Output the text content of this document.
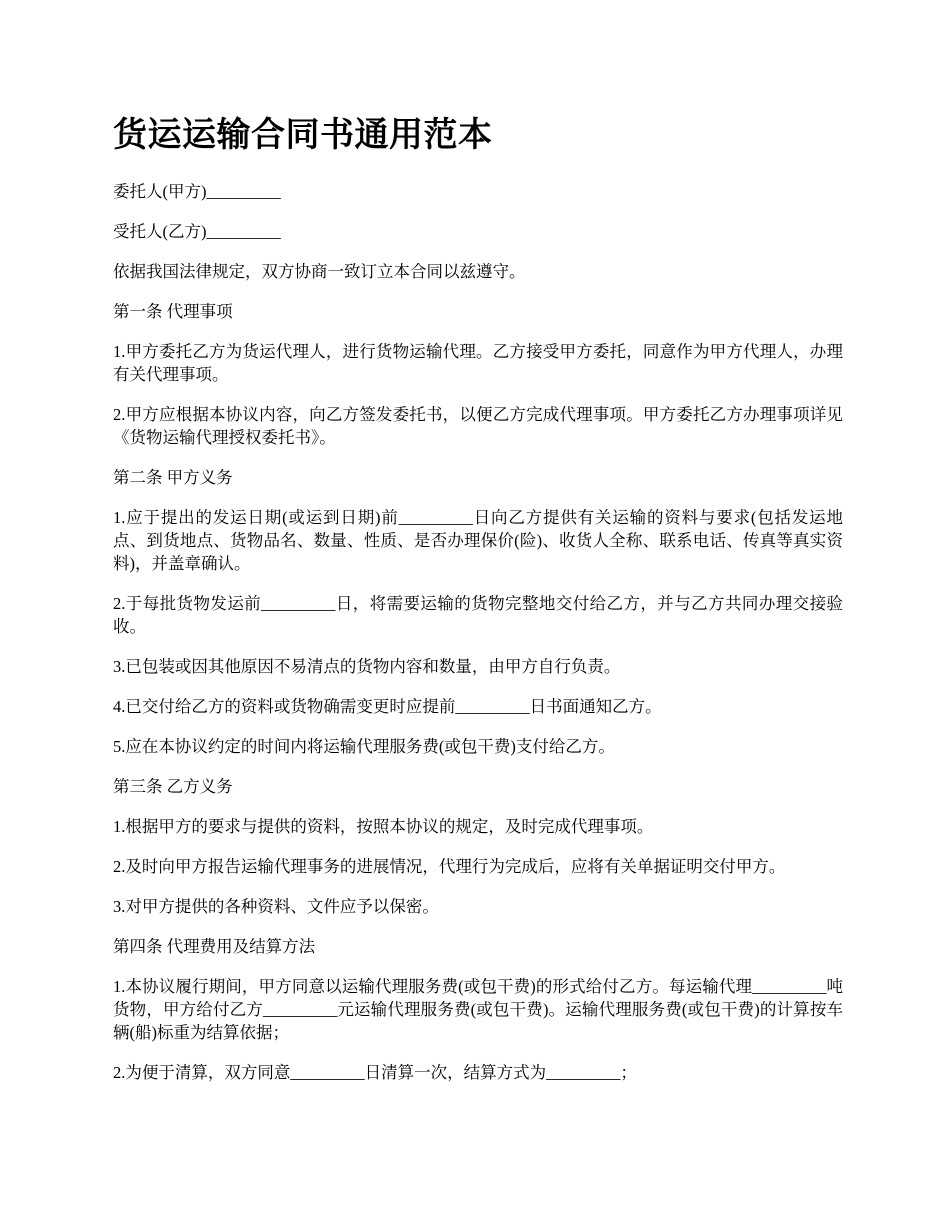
货运运输合同书通用范本

委托人(甲方)_________

受托人(乙方)_________

依据我国法律规定，双方协商一致订立本合同以兹遵守。

第一条 代理事项

1.甲方委托乙方为货运代理人，进行货物运输代理。乙方接受甲方委托，同意作为甲方代理人，办理有关代理事项。

2.甲方应根据本协议内容，向乙方签发委托书，以便乙方完成代理事项。甲方委托乙方办理事项详见《货物运输代理授权委托书》。

第二条 甲方义务

1.应于提出的发运日期(或运到日期)前_________日向乙方提供有关运输的资料与要求(包括发运地点、到货地点、货物品名、数量、性质、是否办理保价(险)、收货人全称、联系电话、传真等真实资料)，并盖章确认。

2.于每批货物发运前_________日，将需要运输的货物完整地交付给乙方，并与乙方共同办理交接验收。

3.已包装或因其他原因不易清点的货物内容和数量，由甲方自行负责。

4.已交付给乙方的资料或货物确需变更时应提前_________日书面通知乙方。

5.应在本协议约定的时间内将运输代理服务费(或包干费)支付给乙方。

第三条 乙方义务

1.根据甲方的要求与提供的资料，按照本协议的规定，及时完成代理事项。

2.及时向甲方报告运输代理事务的进展情况，代理行为完成后，应将有关单据证明交付甲方。

3.对甲方提供的各种资料、文件应予以保密。

第四条 代理费用及结算方法

1.本协议履行期间，甲方同意以运输代理服务费(或包干费)的形式给付乙方。每运输代理_________吨货物，甲方给付乙方_________元运输代理服务费(或包干费)。运输代理服务费(或包干费)的计算按车辆(船)标重为结算依据；

2.为便于清算，双方同意_________日清算一次，结算方式为_________；
